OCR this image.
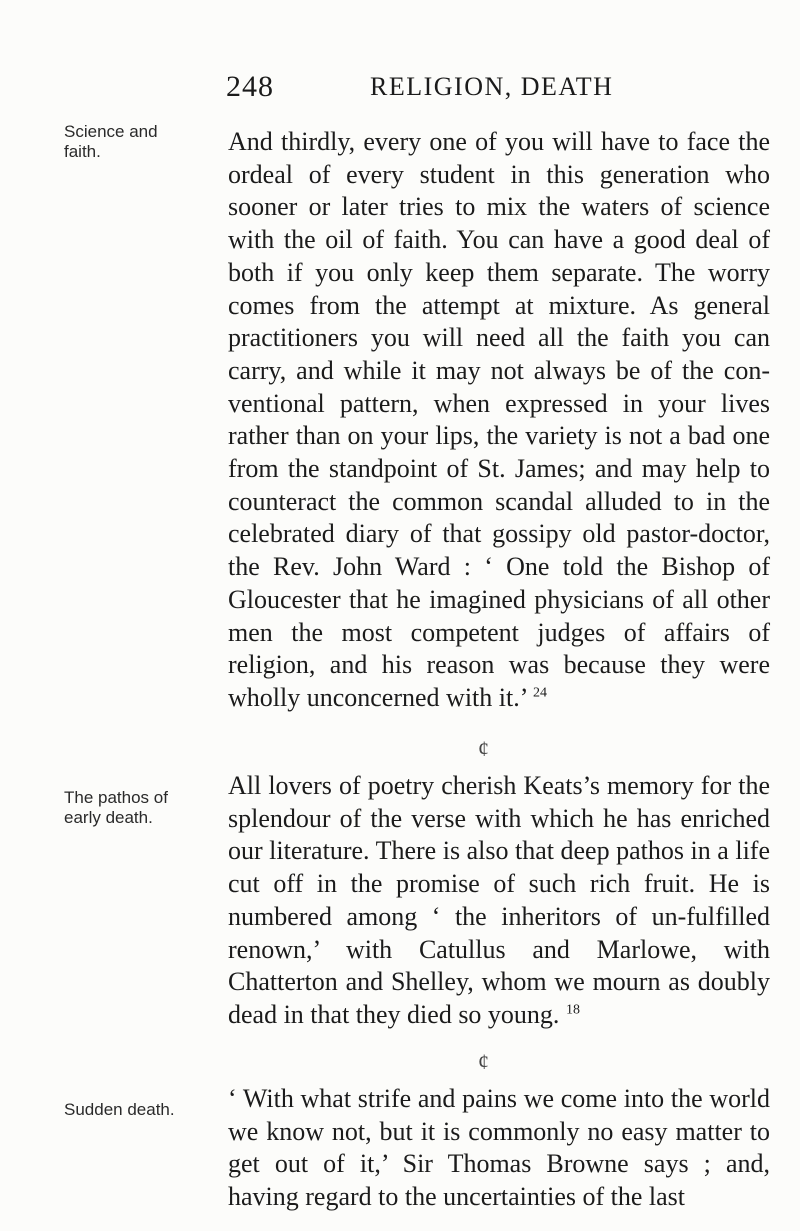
248	RELIGION, DEATH
Science and faith.
The pathos of early death.
Sudden death.

And thirdly, every one of you will have to face the ordeal of every student in this generation who sooner or later tries to mix the waters of science with the oil of faith. You can have a good deal of both if you only keep them separate. The worry comes from the attempt at mixture. As general practitioners you will need all the faith you can carry, and while it may not always be of the con-ventional pattern, when expressed in your lives rather than on your lips, the variety is not a bad one from the standpoint of St. James; and may help to counteract the common scandal alluded to in the celebrated diary of that gossipy old pastor-doctor, the Rev. John Ward : ‘ One told the Bishop of Gloucester that he imagined physicians of all other men the most competent judges of affairs of religion, and his reason was because they were wholly unconcerned with it.’ $^{24}$

¢

All lovers of poetry cherish Keats’s memory for the splendour of the verse with which he has enriched our literature. There is also that deep pathos in a life cut off in the promise of such rich fruit. He is numbered among ‘ the inheritors of un-fulfilled renown,’ with Catullus and Marlowe, with Chatterton and Shelley, whom we mourn as doubly dead in that they died so young. $^{18}$

¢

‘ With what strife and pains we come into the world we know not, but it is commonly no easy matter to get out of it,’ Sir Thomas Browne says ; and, having regard to the uncertainties of the last
